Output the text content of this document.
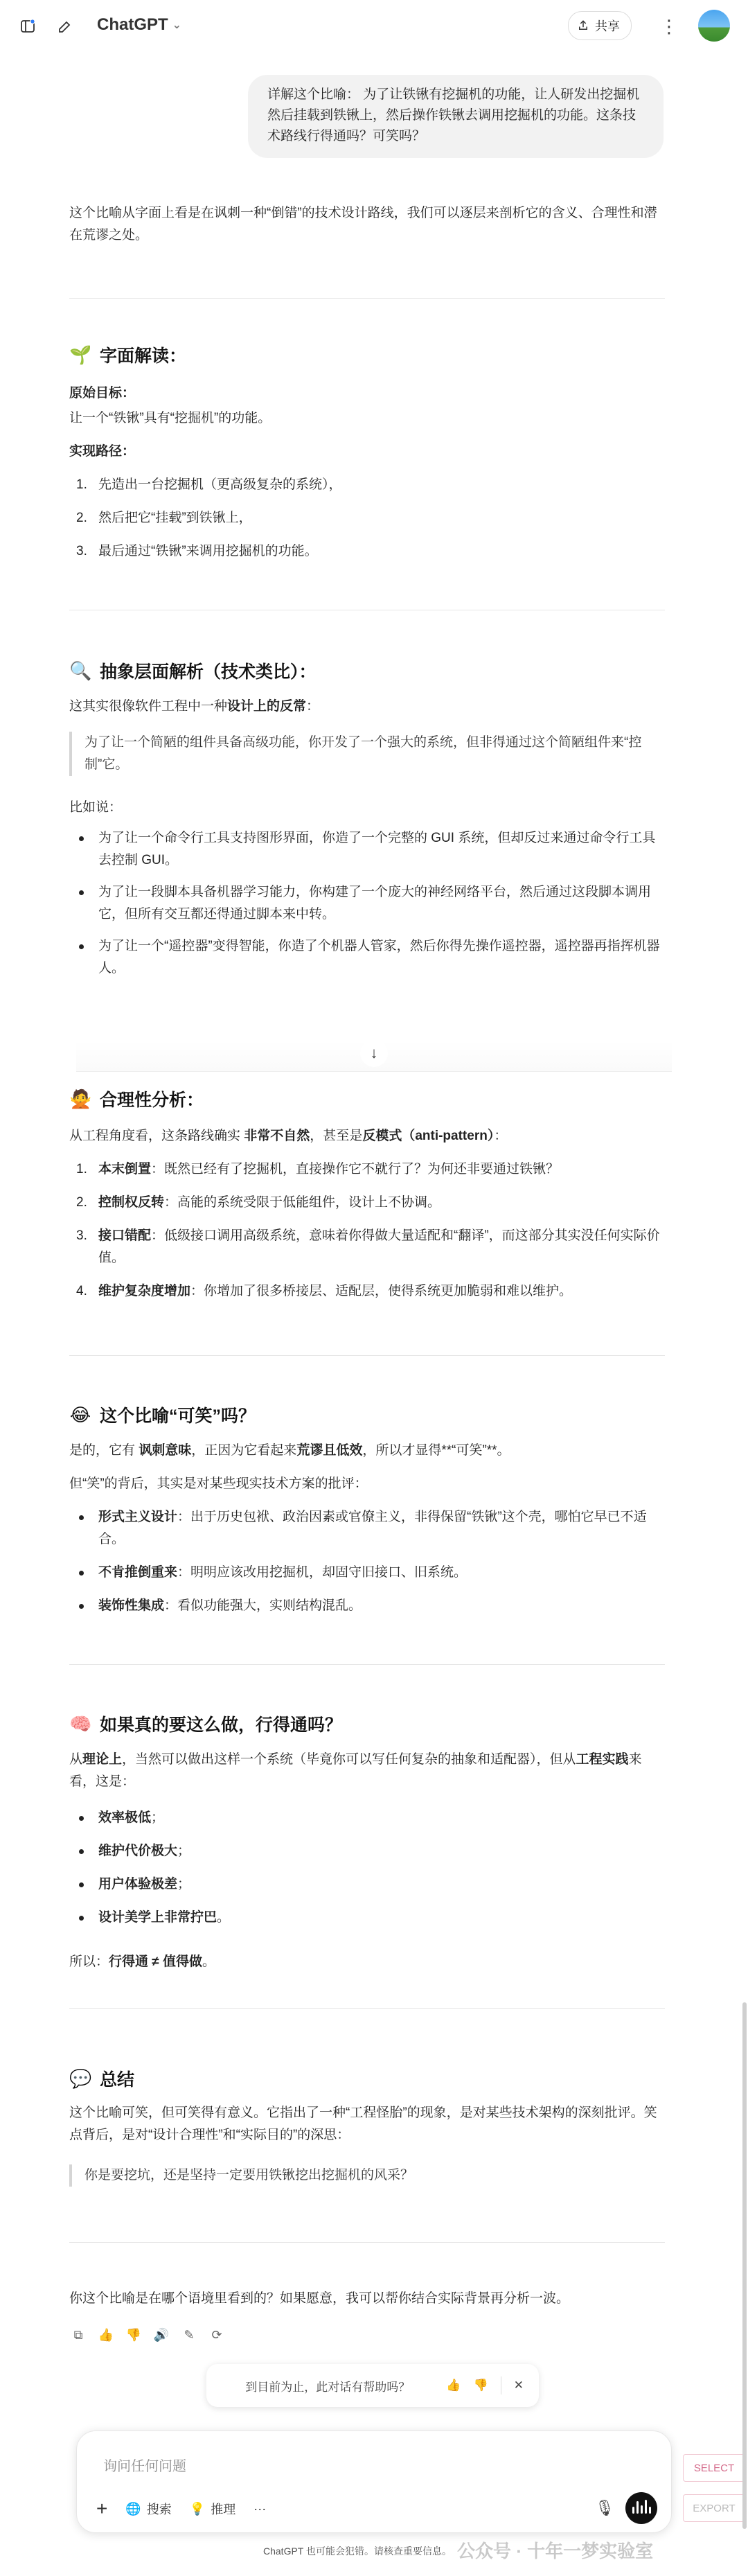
ChatGPT ⌄	共享 ⋮
详解这个比喻： 为了让铁锹有挖掘机的功能，让人研发出挖掘机然后挂载到铁锹上，然后操作铁锹去调用挖掘机的功能。这条技术路线行得通吗？可笑吗？

这个比喻从字面上看是在讽刺一种“倒错”的技术设计路线，我们可以逐层来剖析它的含义、合理性和潜在荒谬之处。

🌱 字面解读：

原始目标：

让一个“铁锹”具有“挖掘机”的功能。

实现路径：

1. 先造出一台挖掘机（更高级复杂的系统），
2. 然后把它“挂载”到铁锹上，
3. 最后通过“铁锹”来调用挖掘机的功能。
🔍 抽象层面解析（技术类比）：

这其实很像软件工程中一种设计上的反常：

为了让一个简陋的组件具备高级功能，你开发了一个强大的系统，但非得通过这个简陋组件来“控制”它。

比如说：

为了让一个命令行工具支持图形界面，你造了一个完整的 GUI 系统，但却反过来通过命令行工具去控制 GUI。
为了让一段脚本具备机器学习能力，你构建了一个庞大的神经网络平台，然后通过这段脚本调用它，但所有交互都还得通过脚本来中转。
为了让一个“遥控器”变得智能，你造了个机器人管家，然后你得先操作遥控器，遥控器再指挥机器人。
🙅 合理性分析：

从工程角度看，这条路线确实 非常不自然，甚至是反模式（anti-pattern）：

1. 本末倒置：既然已经有了挖掘机，直接操作它不就行了？为何还非要通过铁锹？
2. 控制权反转：高能的系统受限于低能组件，设计上不协调。
3. 接口错配：低级接口调用高级系统，意味着你得做大量适配和“翻译”，而这部分其实没任何实际价值。
4. 维护复杂度增加：你增加了很多桥接层、适配层，使得系统更加脆弱和难以维护。
😂 这个比喻“可笑”吗？

是的，它有 讽刺意味，正因为它看起来荒谬且低效，所以才显得**“可笑”**。

但“笑”的背后，其实是对某些现实技术方案的批评：

形式主义设计：出于历史包袱、政治因素或官僚主义，非得保留“铁锹”这个壳，哪怕它早已不适合。
不肯推倒重来：明明应该改用挖掘机，却固守旧接口、旧系统。
装饰性集成：看似功能强大，实则结构混乱。
🧠 如果真的要这么做，行得通吗？

从理论上，当然可以做出这样一个系统（毕竟你可以写任何复杂的抽象和适配器），但从工程实践来看，这是：

效率极低；
维护代价极大；
用户体验极差；
设计美学上非常拧巴。

所以：行得通 ≠ 值得做。

💬 总结

这个比喻可笑，但可笑得有意义。它指出了一种“工程怪胎”的现象，是对某些技术架构的深刻批评。笑点背后，是对“设计合理性”和“实际目的”的深思：

你是要挖坑，还是坚持一定要用铁锹挖出挖掘机的风采？

你这个比喻是在哪个语境里看到的？如果愿意，我可以帮你结合实际背景再分析一波。

↓
⧉	👍 👎 🔊	✎	⟳
到目前为止，此对话有帮助吗？	👍 👎 ✕
询问任何问题
+ 🌐 搜索 💡 推理 ···	🎙
ChatGPT 也可能会犯错。请核查重要信息。 公众号 · 十年一梦实验室
SELECT
EXPORT
